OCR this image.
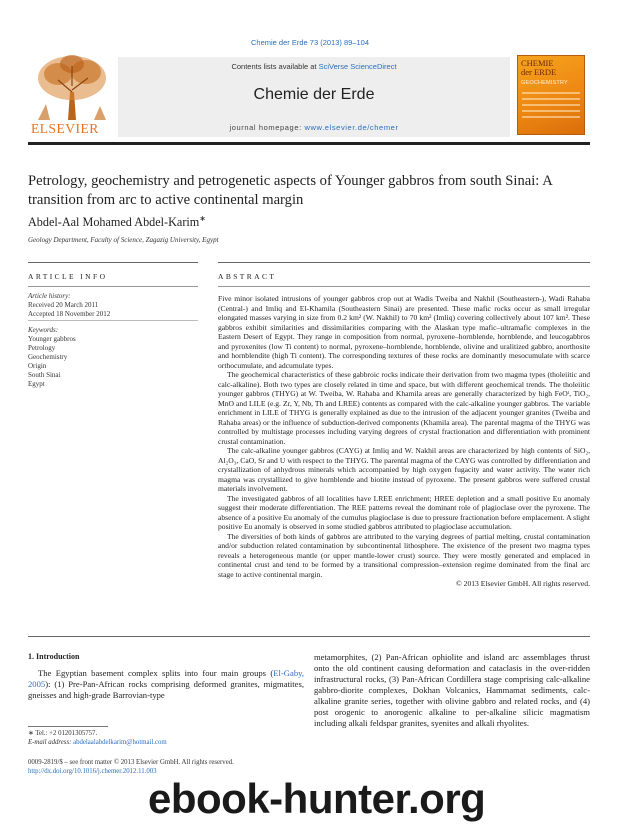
Chemie der Erde 73 (2013) 89–104
ELSEVIER
Contents lists available at SciVerse ScienceDirect
Chemie der Erde
journal homepage: www.elsevier.de/chemer
CHEMIE
der ERDE
GEOCHEMISTRY
Petrology, geochemistry and petrogenetic aspects of Younger gabbros from south Sinai: A transition from arc to active continental margin
Abdel-Aal Mohamed Abdel-Karim∗
Geology Department, Faculty of Science, Zagazig University, Egypt
ARTICLE INFO	ABSTRACT
Article history:
Received 20 March 2011
Accepted 18 November 2012
Keywords:
Younger gabbros
Petrology
Geochemistry
Origin
South Sinai
Egypt

Five minor isolated intrusions of younger gabbros crop out at Wadis Tweiba and Nakhil (Southeastern-), Wadi Rahaba (Central-) and Imliq and El-Khamila (Southeastern Sinai) are presented. These mafic rocks occur as small irregular elongated masses varying in size from 0.2 km² (W. Nakhil) to 70 km² (Imliq) covering collectively about 107 km². These gabbros exhibit similarities and dissimilarities comparing with the Alaskan type mafic–ultramafic complexes in the Eastern Desert of Egypt. They range in composition from normal, pyroxene–hornblende, hornblende, and leucogabbros and pyroxenites (low Ti content) to normal, pyroxene–hornblende, hornblende, olivine and uralitized gabbro, anorthosite and hornblendite (high Ti content). The corresponding textures of these rocks are dominantly mesocumulate with scarce orthocumulate, and adcumulate types.

The geochemical characteristics of these gabbroic rocks indicate their derivation from two magma types (tholeiitic and calc-alkaline). Both two types are closely related in time and space, but with different geochemical trends. The tholeiitic younger gabbros (THYG) at W. Tweiba, W. Rahaba and Khamila areas are generally characterized by high FeOᵗ, TiO₂, MnO and LILE (e.g. Zr, Y, Nb, Th and LREE) contents as compared with the calc-alkaline younger gabbros. The variable enrichment in LILE of THYG is generally explained as due to the intrusion of the adjacent younger granites (Tweiba and Rahaba areas) or the influence of subduction-derived components (Khamila area). The parental magma of the THYG was controlled by multistage processes including varying degrees of crystal fractionation and differentiation with prominent crustal contamination.

The calc-alkaline younger gabbros (CAYG) at Imliq and W. Nakhil areas are characterized by high contents of SiO₂, Al₂O₃, CaO, Sr and U with respect to the THYG. The parental magma of the CAYG was controlled by differentiation and crystallization of anhydrous minerals which accompanied by high oxygen fugacity and water activity. The water rich magma was crystallized to give hornblende and biotite instead of pyroxene. The present gabbros were suffered crustal materials involvement.

The investigated gabbros of all localities have LREE enrichment; HREE depletion and a small positive Eu anomaly suggest their moderate differentiation. The REE patterns reveal the dominant role of plagioclase over the pyroxene. The absence of a positive Eu anomaly of the cumulus plagioclase is due to pressure fractionation before emplacement. A slight positive Eu anomaly is observed in some studied gabbros attributed to plagioclase accumulation.

The diversities of both kinds of gabbros are attributed to the varying degrees of partial melting, crustal contamination and/or subduction related contamination by subcontinental lithosphere. The existence of the present two magma types reveals a heterogeneous mantle (or upper mantle-lower crust) source. They were mostly generated and emplaced in continental crust and tend to be formed by a transitional compression–extension regime dominated from the final arc stage to active continental margin.

© 2013 Elsevier GmbH. All rights reserved.

1. Introduction
The Egyptian basement complex splits into four main groups (El-Gaby, 2005): (1) Pre-Pan-African rocks comprising deformed granites, migmatites, gneisses and high-grade Barrovian-type
metamorphites, (2) Pan-African ophiolite and island arc assemblages thrust onto the old continent causing deformation and cataclasis in the over-ridden infrastructural rocks, (3) Pan-African Cordillera stage comprising calc-alkaline gabbro-diorite complexes, Dokhan Volcanics, Hammamat sediments, calc-alkaline granite series, together with olivine gabbro and related rocks, and (4) post orogenic to anorogenic alkaline to per-alkaline silicic magmatism including alkali feldspar granites, syenites and alkali rhyolites.
∗ Tel.: +2 01201305757.
E-mail address: abdelaalabdelkarim@hotmail.com
0009-2819/$ – see front matter © 2013 Elsevier GmbH. All rights reserved.
http://dx.doi.org/10.1016/j.chemer.2012.11.003
ebook-hunter.org
